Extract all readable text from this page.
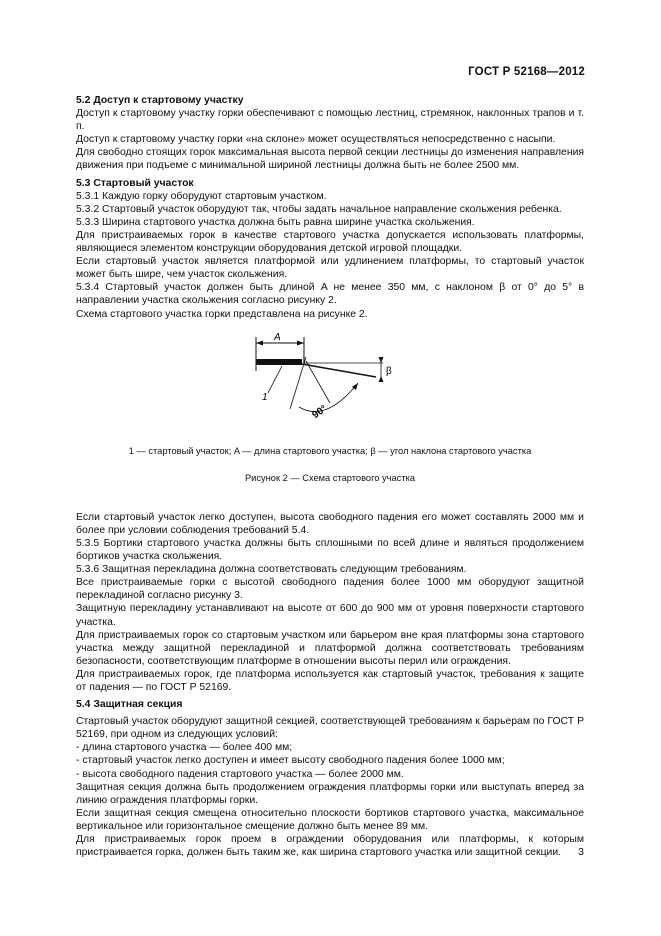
ГОСТ Р 52168—2012

5.2 Доступ к стартовому участку

Доступ к стартовому участку горки обеспечивают с помощью лестниц, стремянок, наклонных трапов и т. п.

Доступ к стартовому участку горки «на склоне» может осуществляться непосредственно с насыпи.

Для свободно стоящих горок максимальная высота первой секции лестницы до изменения направления движения при подъеме с минимальной шириной лестницы должна быть не более 2500 мм.

5.3 Стартовый участок

5.3.1 Каждую горку оборудуют стартовым участком.

5.3.2 Стартовый участок оборудуют так, чтобы задать начальное направление скольжения ребенка.

5.3.3 Ширина стартового участка должна быть равна ширине участка скольжения.

Для пристраиваемых горок в качестве стартового участка допускается использовать платформы, являющиеся элементом конструкции оборудования детской игровой площадки.

Если стартовый участок является платформой или удлинением платформы, то стартовый участок может быть шире, чем участок скольжения.

5.3.4 Стартовый участок должен быть длиной A не менее 350 мм, с наклоном β от 0° до 5° в направлении участка скольжения согласно рисунку 2.

Схема стартового участка горки представлена на рисунке 2.

A
β
90°
1
1 — стартовый участок; A — длина стартового участка; β — угол наклона стартового участка
Рисунок 2 — Схема стартового участка

Если стартовый участок легко доступен, высота свободного падения его может составлять 2000 мм и более при условии соблюдения требований 5.4.

5.3.5 Бортики стартового участка должны быть сплошными по всей длине и являться продолжением бортиков участка скольжения.

5.3.6 Защитная перекладина должна соответствовать следующим требованиям.

Все пристраиваемые горки с высотой свободного падения более 1000 мм оборудуют защитной перекладиной согласно рисунку 3.

Защитную перекладину устанавливают на высоте от 600 до 900 мм от уровня поверхности стартового участка.

Для пристраиваемых горок со стартовым участком или барьером вне края платформы зона стартового участка между защитной перекладиной и платформой должна соответствовать требованиям безопасности, соответствующим платформе в отношении высоты перил или ограждения.

Для пристраиваемых горок, где платформа используется как стартовый участок, требования к защите от падения — по ГОСТ Р 52169.

5.4 Защитная секция

Стартовый участок оборудуют защитной секцией, соответствующей требованиям к барьерам по ГОСТ Р 52169, при одном из следующих условий:

- длина стартового участка — более 400 мм;

- стартовый участок легко доступен и имеет высоту свободного падения более 1000 мм;

- высота свободного падения стартового участка — более 2000 мм.

Защитная секция должна быть продолжением ограждения платформы горки или выступать вперед за линию ограждения платформы горки.

Если защитная секция смещена относительно плоскости бортиков стартового участка, максимальное вертикальное или горизонтальное смещение должно быть менее 89 мм.

Для пристраиваемых горок проем в ограждении оборудования или платформы, к которым пристраивается горка, должен быть таким же, как ширина стартового участка или защитной секции.	3
